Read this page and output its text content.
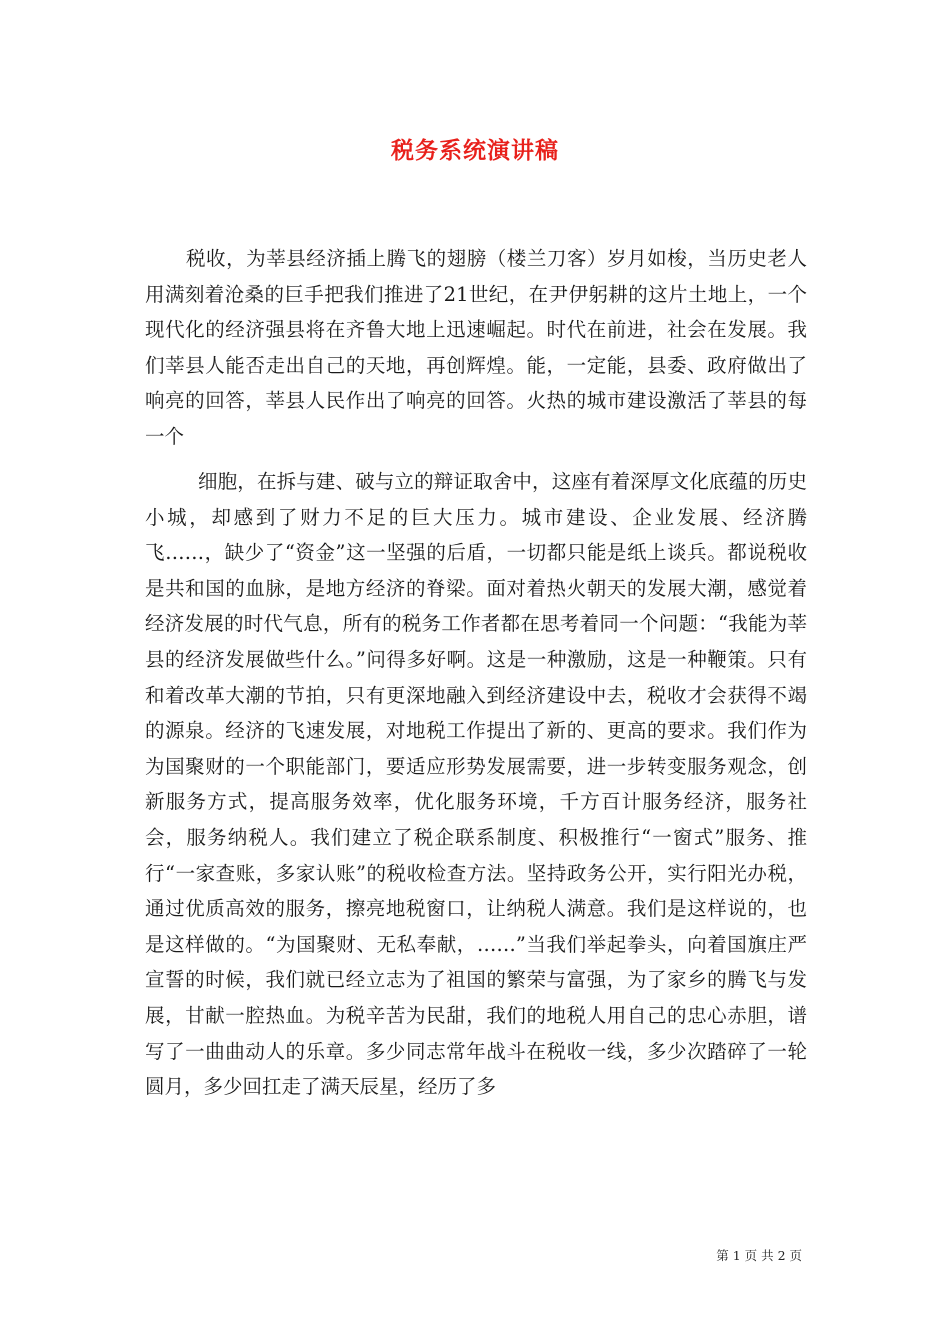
税务系统演讲稿
税收，为莘县经济插上腾飞的翅膀（楼兰刀客）岁月如梭，当历史老人用满刻着沧桑的巨手把我们推进了21世纪，在尹伊躬耕的这片土地上，一个现代化的经济强县将在齐鲁大地上迅速崛起。时代在前进，社会在发展。我们莘县人能否走出自己的天地，再创辉煌。能，一定能，县委、政府做出了响亮的回答，莘县人民作出了响亮的回答。火热的城市建设激活了莘县的每一个
细胞，在拆与建、破与立的辩证取舍中，这座有着深厚文化底蕴的历史小城，却感到了财力不足的巨大压力。城市建设、企业发展、经济腾飞……，缺少了“资金”这一坚强的后盾，一切都只能是纸上谈兵。都说税收是共和国的血脉，是地方经济的脊梁。面对着热火朝天的发展大潮，感觉着经济发展的时代气息，所有的税务工作者都在思考着同一个问题：“我能为莘县的经济发展做些什么。”问得多好啊。这是一种激励，这是一种鞭策。只有和着改革大潮的节拍，只有更深地融入到经济建设中去，税收才会获得不竭的源泉。经济的飞速发展，对地税工作提出了新的、更高的要求。我们作为为国聚财的一个职能部门，要适应形势发展需要，进一步转变服务观念，创新服务方式，提高服务效率，优化服务环境，千方百计服务经济，服务社会，服务纳税人。我们建立了税企联系制度、积极推行“一窗式”服务、推行“一家查账，多家认账”的税收检查方法。坚持政务公开，实行阳光办税，通过优质高效的服务，擦亮地税窗口，让纳税人满意。我们是这样说的，也是这样做的。“为国聚财、无私奉献，……”当我们举起拳头，向着国旗庄严宣誓的时候，我们就已经立志为了祖国的繁荣与富强，为了家乡的腾飞与发展，甘献一腔热血。为税辛苦为民甜，我们的地税人用自己的忠心赤胆，谱写了一曲曲动人的乐章。多少同志常年战斗在税收一线，多少次踏碎了一轮圆月，多少回扛走了满天辰星，经历了多
第 1 页 共 2 页
